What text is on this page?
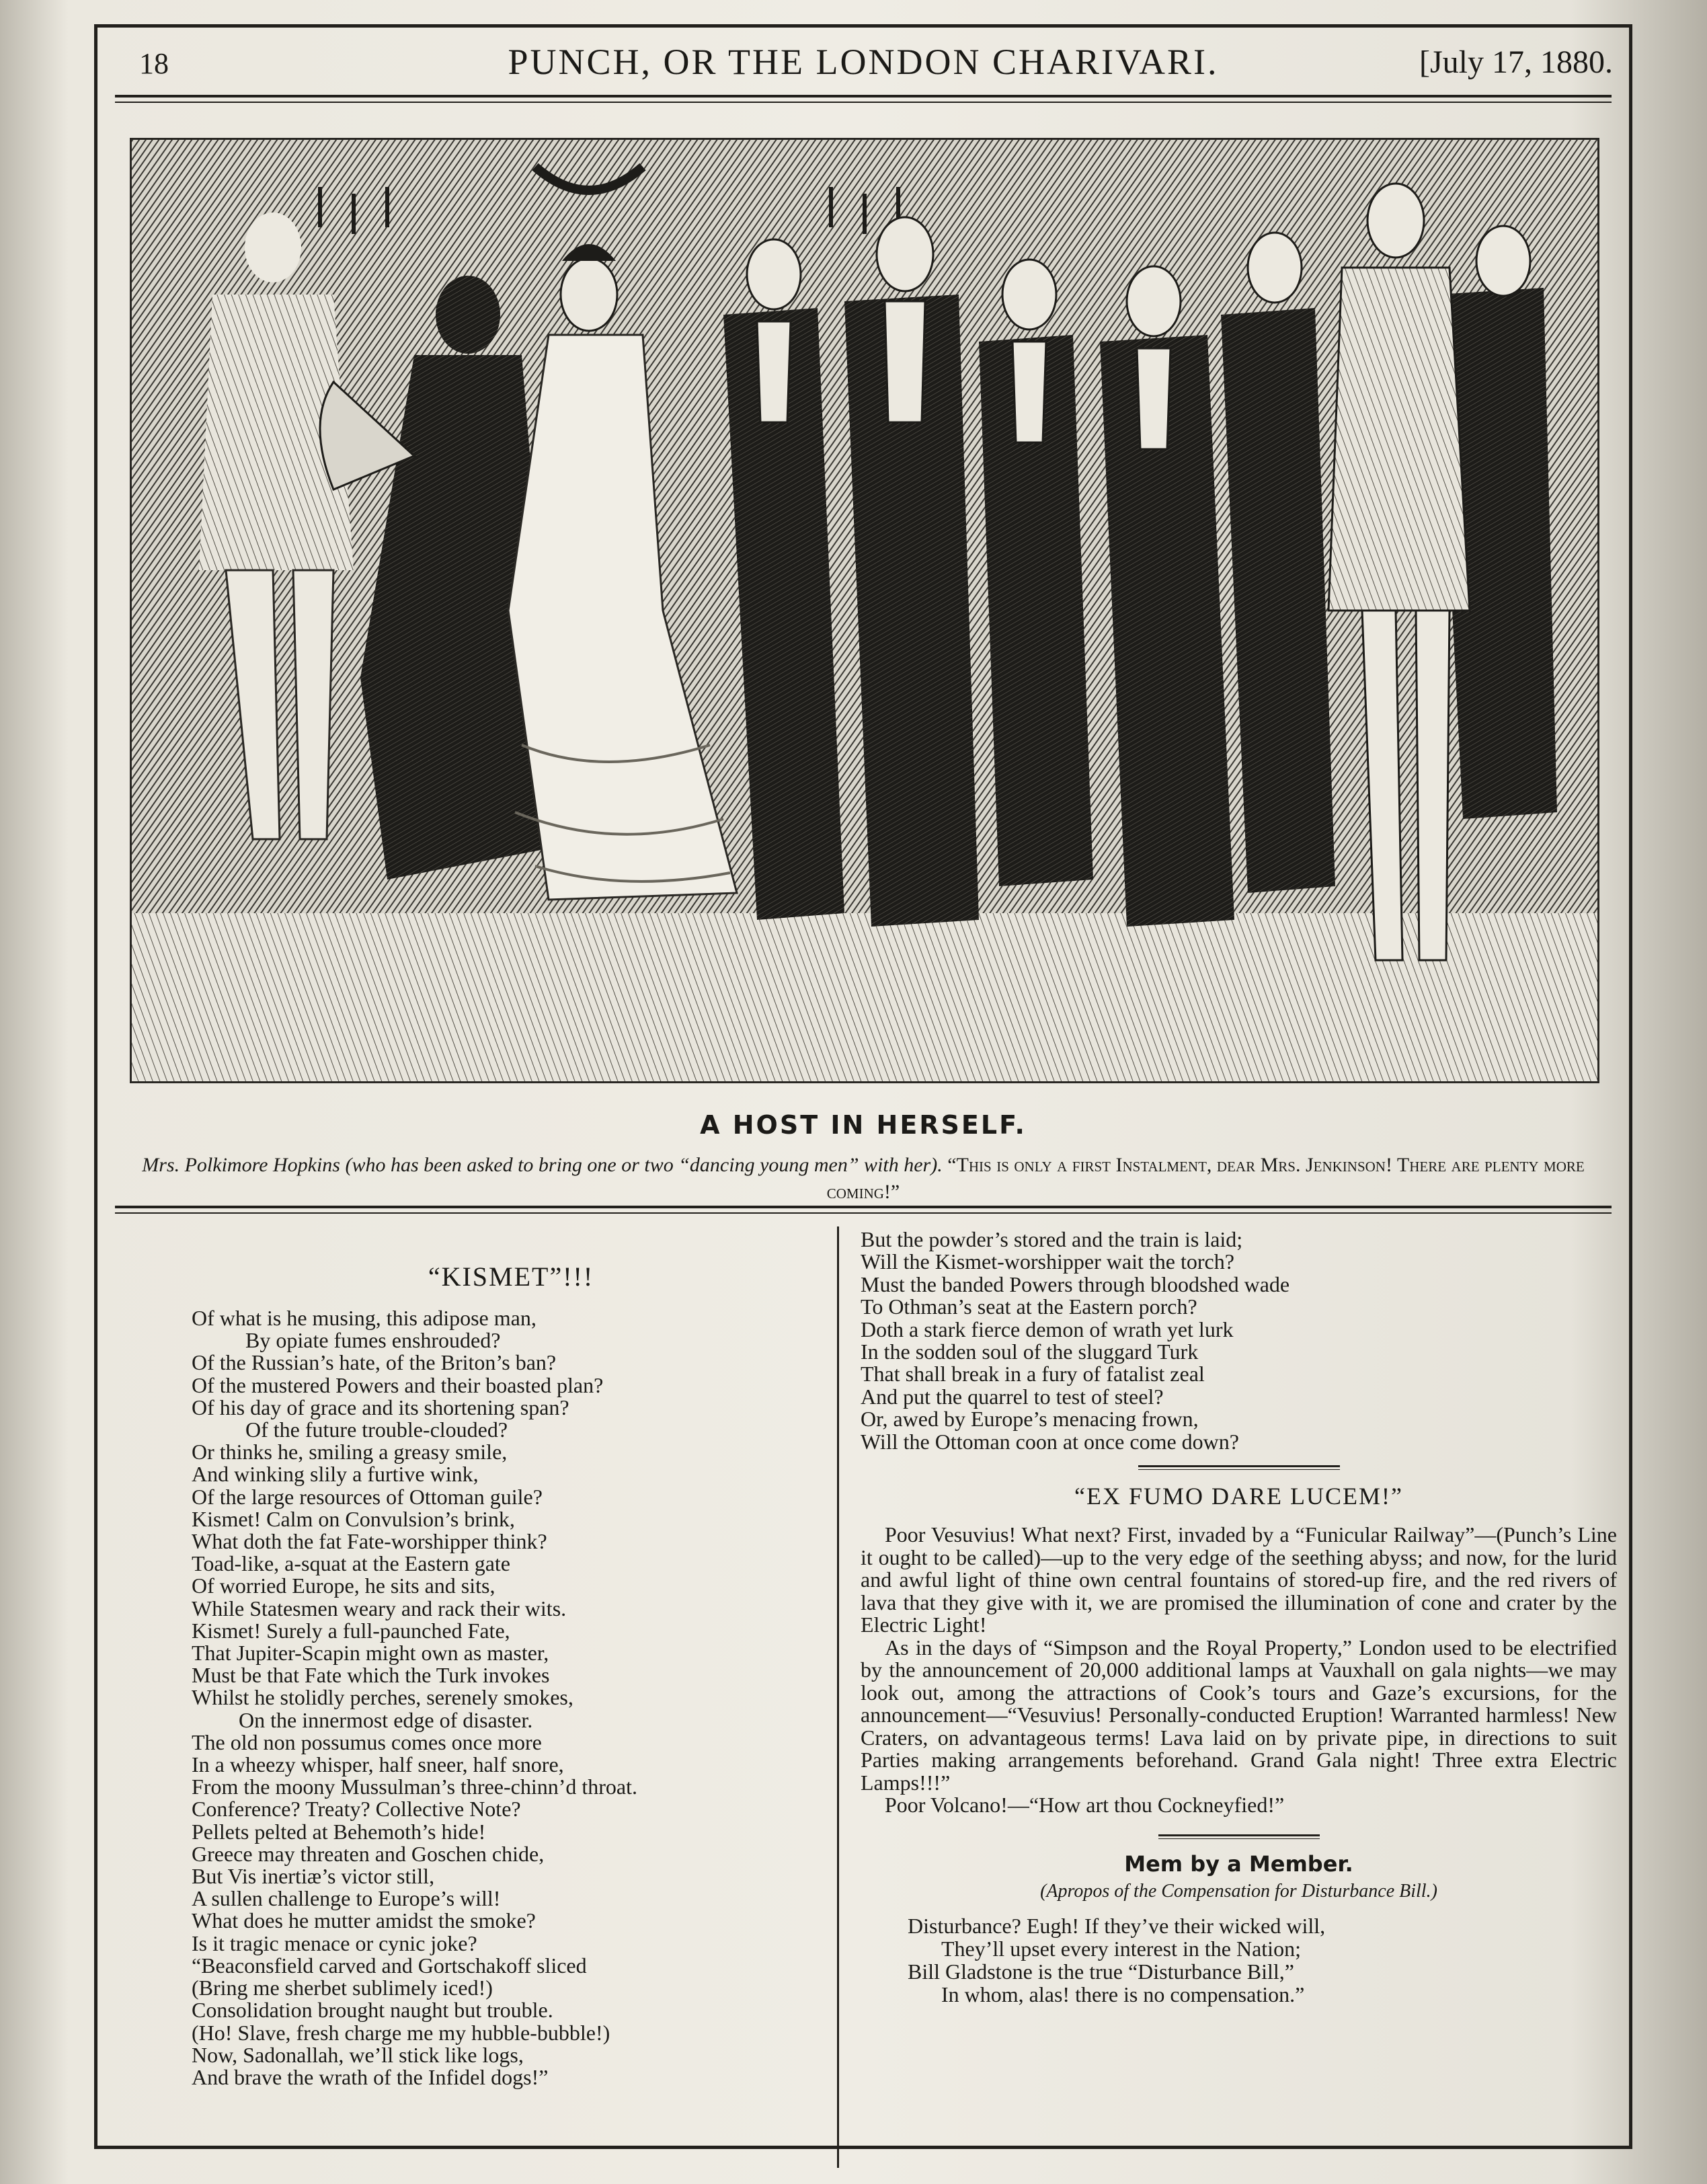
18	PUNCH, OR THE LONDON CHARIVARI.	[July 17, 1880.
A HOST IN HERSELF.
Mrs. Polkimore Hopkins (who has been asked to bring one or two “dancing young men” with her). “This is only a first Instalment, dear Mrs. Jenkinson! There are plenty more coming!”
“KISMET”!!!
Of what is he musing, this adipose man,
By opiate fumes enshrouded?
Of the Russian’s hate, of the Briton’s ban?
Of the mustered Powers and their boasted plan?
Of his day of grace and its shortening span?
Of the future trouble-clouded?
Or thinks he, smiling a greasy smile,
And winking slily a furtive wink,
Of the large resources of Ottoman guile?
Kismet! Calm on Convulsion’s brink,
What doth the fat Fate-worshipper think?
Toad-like, a-squat at the Eastern gate
Of worried Europe, he sits and sits,
While Statesmen weary and rack their wits.
Kismet! Surely a full-paunched Fate,
That Jupiter-Scapin might own as master,
Must be that Fate which the Turk invokes
Whilst he stolidly perches, serenely smokes,
On the innermost edge of disaster.
The old non possumus comes once more
In a wheezy whisper, half sneer, half snore,
From the moony Mussulman’s three-chinn’d throat.
Conference? Treaty? Collective Note?
Pellets pelted at Behemoth’s hide!
Greece may threaten and Goschen chide,
But Vis inertiæ’s victor still,
A sullen challenge to Europe’s will!
What does he mutter amidst the smoke?
Is it tragic menace or cynic joke?
“Beaconsfield carved and Gortschakoff sliced
(Bring me sherbet sublimely iced!)
Consolidation brought naught but trouble.
(Ho! Slave, fresh charge me my hubble-bubble!)
Now, Sadonallah, we’ll stick like logs,
And brave the wrath of the Infidel dogs!”
But the powder’s stored and the train is laid;
Will the Kismet-worshipper wait the torch?
Must the banded Powers through bloodshed wade
To Othman’s seat at the Eastern porch?
Doth a stark fierce demon of wrath yet lurk
In the sodden soul of the sluggard Turk
That shall break in a fury of fatalist zeal
And put the quarrel to test of steel?
Or, awed by Europe’s menacing frown,
Will the Ottoman coon at once come down?
“EX FUMO DARE LUCEM!”

Poor Vesuvius! What next? First, invaded by a “Funicular Railway”—(Punch’s Line it ought to be called)—up to the very edge of the seething abyss; and now, for the lurid and awful light of thine own central fountains of stored-up fire, and the red rivers of lava that they give with it, we are promised the illumination of cone and crater by the Electric Light!

As in the days of “Simpson and the Royal Property,” London used to be electrified by the announcement of 20,000 additional lamps at Vauxhall on gala nights—we may look out, among the attractions of Cook’s tours and Gaze’s excursions, for the announcement—“Vesuvius! Personally-conducted Eruption! Warranted harmless! New Craters, on advantageous terms! Lava laid on by private pipe, in directions to suit Parties making arrangements beforehand. Grand Gala night! Three extra Electric Lamps!!!”

Poor Volcano!—“How art thou Cockneyfied!”

Mem by a Member.
(Apropos of the Compensation for Disturbance Bill.)
Disturbance? Eugh! If they’ve their wicked will,
They’ll upset every interest in the Nation;
Bill Gladstone is the true “Disturbance Bill,”
In whom, alas! there is no compensation.”
